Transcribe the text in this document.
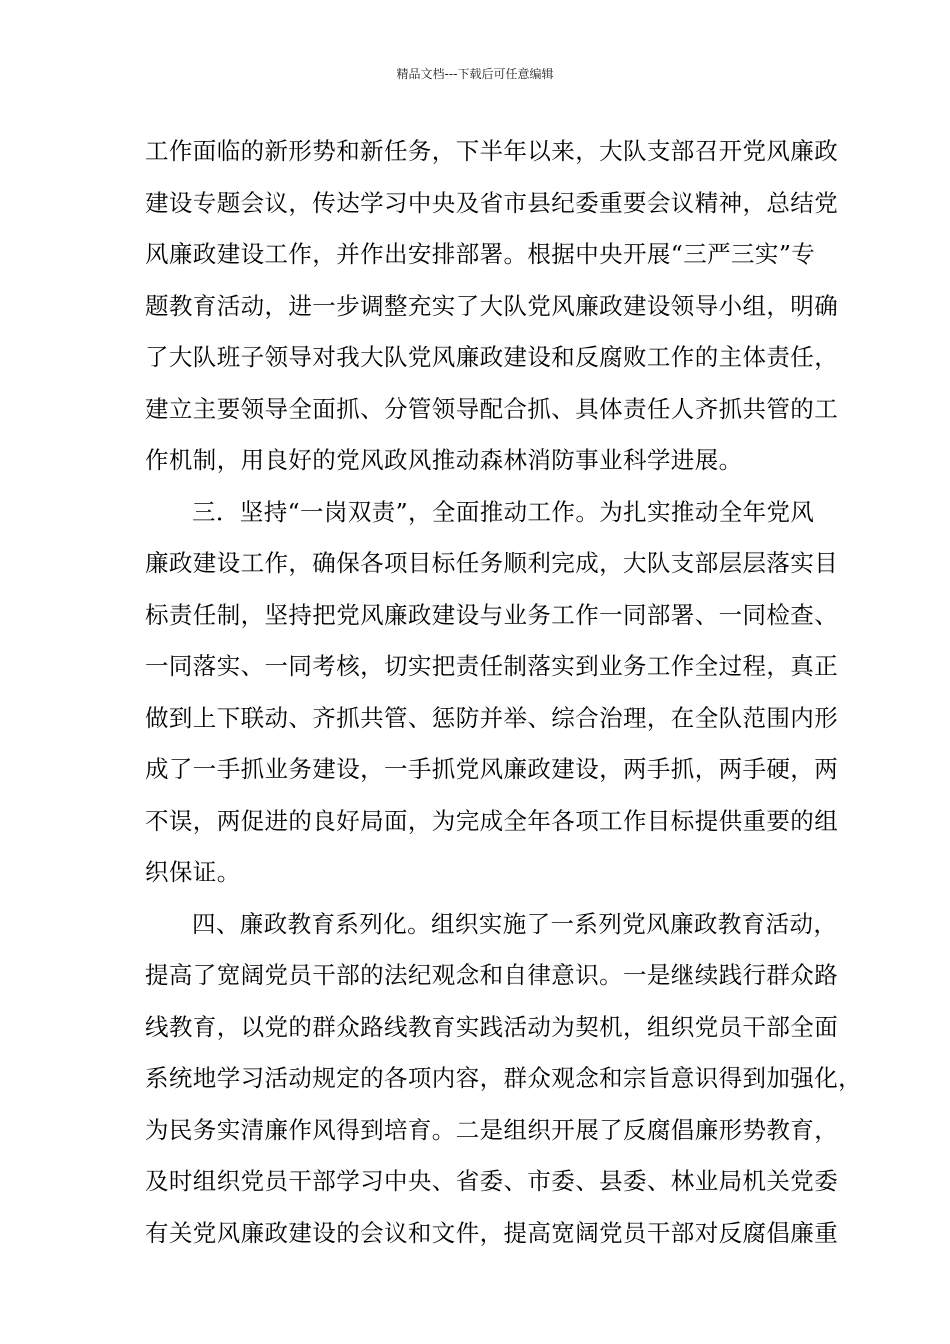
精品文档---下载后可任意编辑
工作面临的新形势和新任务，下半年以来，大队支部召开党风廉政
建设专题会议，传达学习中央及省市县纪委重要会议精神，总结党
风廉政建设工作，并作出安排部署。根据中央开展“三严三实”专
题教育活动，进一步调整充实了大队党风廉政建设领导小组，明确
了大队班子领导对我大队党风廉政建设和反腐败工作的主体责任，
建立主要领导全面抓、分管领导配合抓、具体责任人齐抓共管的工
作机制，用良好的党风政风推动森林消防事业科学进展。
三．坚持“一岗双责”，全面推动工作。为扎实推动全年党风
廉政建设工作，确保各项目标任务顺利完成，大队支部层层落实目
标责任制，坚持把党风廉政建设与业务工作一同部署、一同检查、
一同落实、一同考核，切实把责任制落实到业务工作全过程，真正
做到上下联动、齐抓共管、惩防并举、综合治理，在全队范围内形
成了一手抓业务建设，一手抓党风廉政建设，两手抓，两手硬，两
不误，两促进的良好局面，为完成全年各项工作目标提供重要的组
织保证。
四、廉政教育系列化。组织实施了一系列党风廉政教育活动，
提高了宽阔党员干部的法纪观念和自律意识。一是继续践行群众路
线教育，以党的群众路线教育实践活动为契机，组织党员干部全面
系统地学习活动规定的各项内容，群众观念和宗旨意识得到加强化，
为民务实清廉作风得到培育。二是组织开展了反腐倡廉形势教育，
及时组织党员干部学习中央、省委、市委、县委、林业局机关党委
有关党风廉政建设的会议和文件，提高宽阔党员干部对反腐倡廉重
